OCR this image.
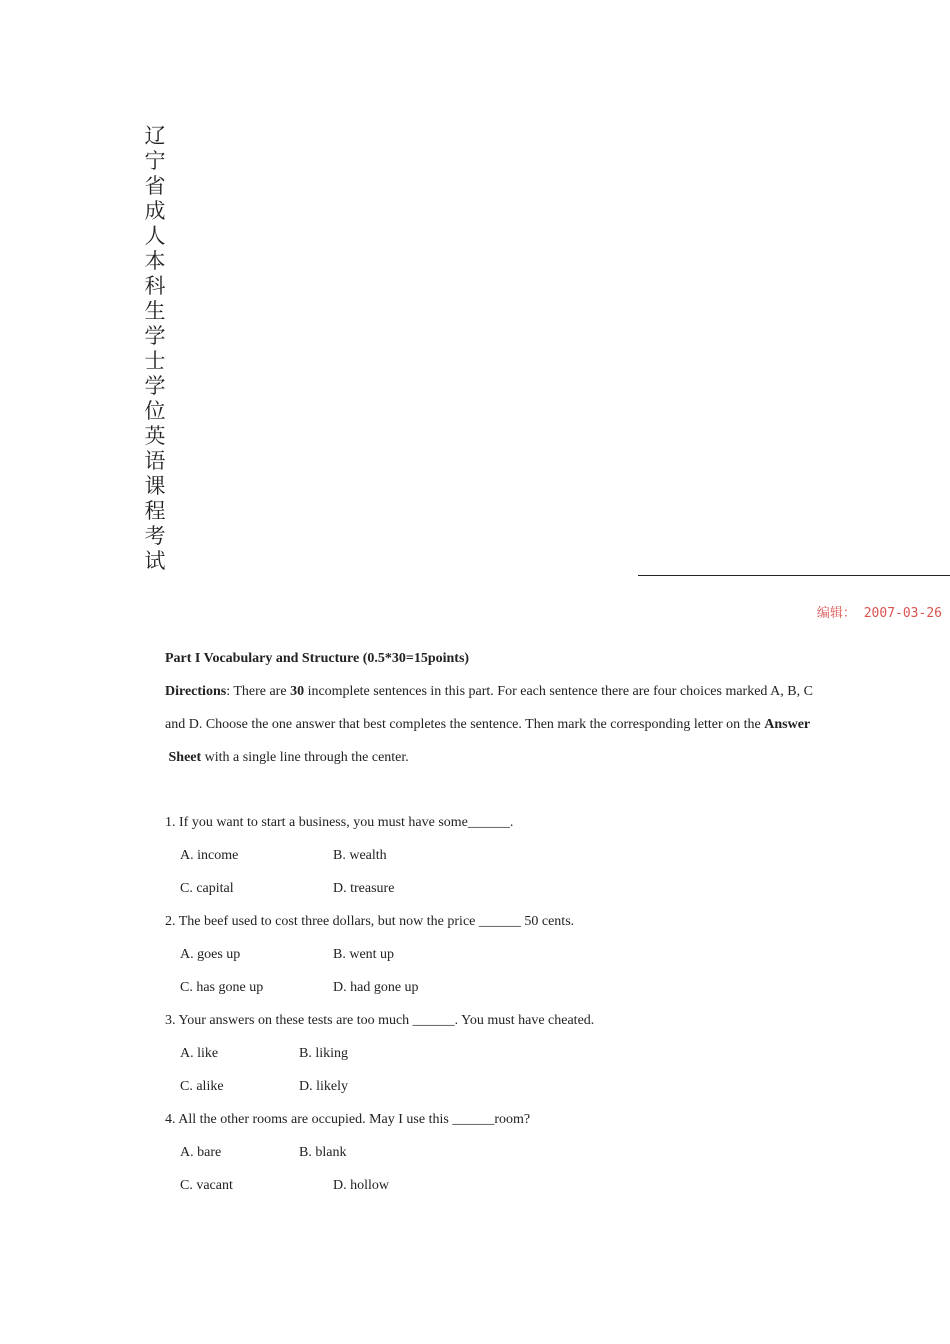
辽
宁
省
成
人
本
科
生
学
士
学
位
英
语
课
程
考
试
编辑： 2007-03-26
Part I Vocabulary and Structure (0.5*30=15points)
Directions: There are 30 incomplete sentences in this part. For each sentence there are four choices marked A, B, C
and D. Choose the one answer that best completes the sentence. Then mark the corresponding letter on the Answer
Sheet with a single line through the center.
1. If you want to start a business, you must have some______.
A. income	B. wealth
C. capital	D. treasure
2. The beef used to cost three dollars, but now the price ______ 50 cents.
A. goes up	B. went up
C. has gone up	D. had gone up
3. Your answers on these tests are too much ______. You must have cheated.
A. like	B. liking
C. alike	D. likely
4. All the other rooms are occupied. May I use this ______room?
A. bare	B. blank
C. vacant	D. hollow
